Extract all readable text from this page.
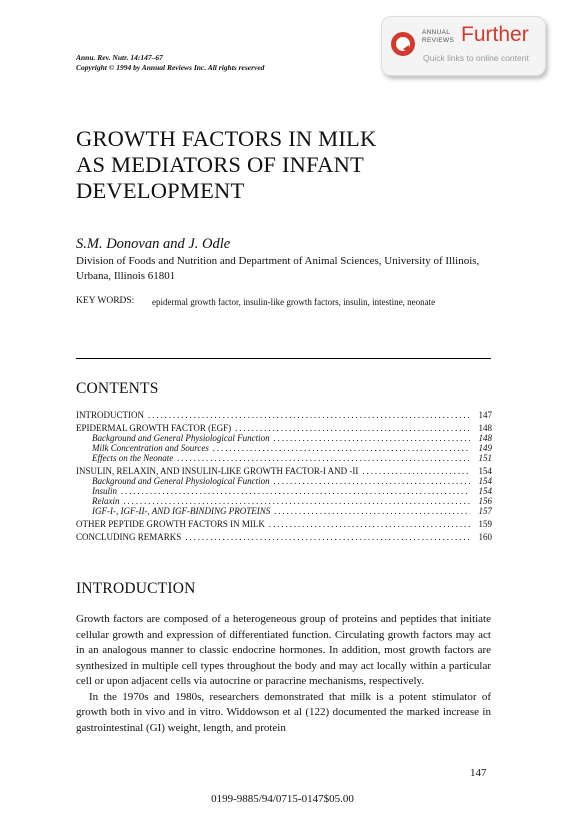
Annu. Rev. Nutr. 14:147–67
Copyright © 1994 by Annual Reviews Inc. All rights reserved
ANNUAL
REVIEWS Further
Quick links to online content
GROWTH FACTORS IN MILK
AS MEDIATORS OF INFANT
DEVELOPMENT
S.M. Donovan and J. Odle
Division of Foods and Nutrition and Department of Animal Sciences, University of Illinois, Urbana, Illinois 61801
KEY WORDS: epidermal growth factor, insulin-like growth factors, insulin, intestine, neonate
CONTENTS
INTRODUCTION .....	147
EPIDERMAL GROWTH FACTOR (EGF) .....	148
Background and General Physiological Function .....	148
Milk Concentration and Sources .....	149
Effects on the Neonate .....	151
INSULIN, RELAXIN, AND INSULIN-LIKE GROWTH FACTOR-I AND -II .....	154
Background and General Physiological Function .....	154
Insulin .....	154
Relaxin .....	156
IGF-I-, IGF-II-, AND IGF-BINDING PROTEINS .....	157
OTHER PEPTIDE GROWTH FACTORS IN MILK .....	159
CONCLUDING REMARKS .....	160
INTRODUCTION

Growth factors are composed of a heterogeneous group of proteins and peptides that initiate cellular growth and expression of differentiated function. Circulating growth factors may act in an analogous manner to classic endocrine hormones. In addition, most growth factors are synthesized in multiple cell types throughout the body and may act locally within a particular cell or upon adjacent cells via autocrine or paracrine mechanisms, respectively.

In the 1970s and 1980s, researchers demonstrated that milk is a potent stimulator of growth both in vivo and in vitro. Widdowson et al (122) documented the marked increase in gastrointestinal (GI) weight, length, and protein

147
0199-9885/94/0715-0147$05.00
